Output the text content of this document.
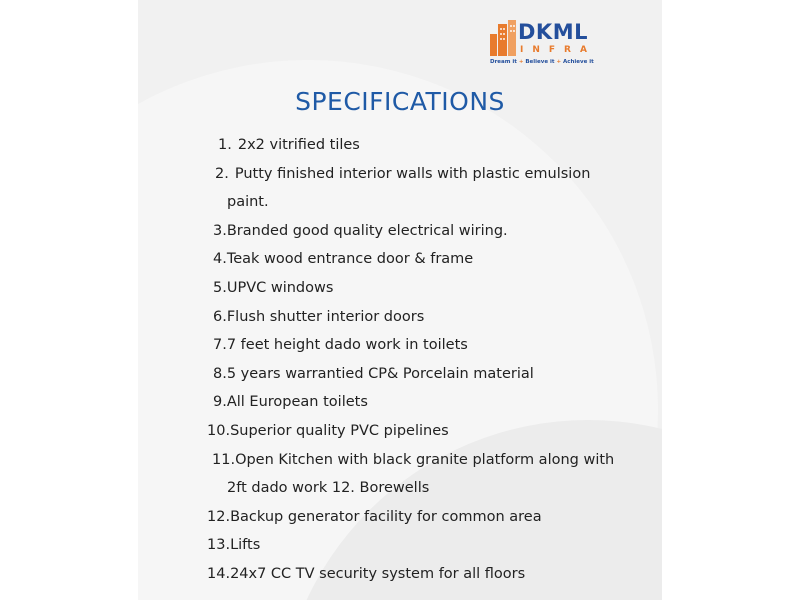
DKML
INFRA
Dream it + Believe it + Achieve it
SPECIFICATIONS
1. 2x2 vitrified tiles
2. Putty finished interior walls with plastic emulsion
paint.
3.Branded good quality electrical wiring.
4.Teak wood entrance door & frame
5.UPVC windows
6.Flush shutter interior doors
7.7 feet height dado work in toilets
8.5 years warrantied CP& Porcelain material
9.All European toilets
10.Superior quality PVC pipelines
11.Open Kitchen with black granite platform along with
2ft dado work 12. Borewells
12.Backup generator facility for common area
13.Lifts
14.24x7 CC TV security system for all floors
